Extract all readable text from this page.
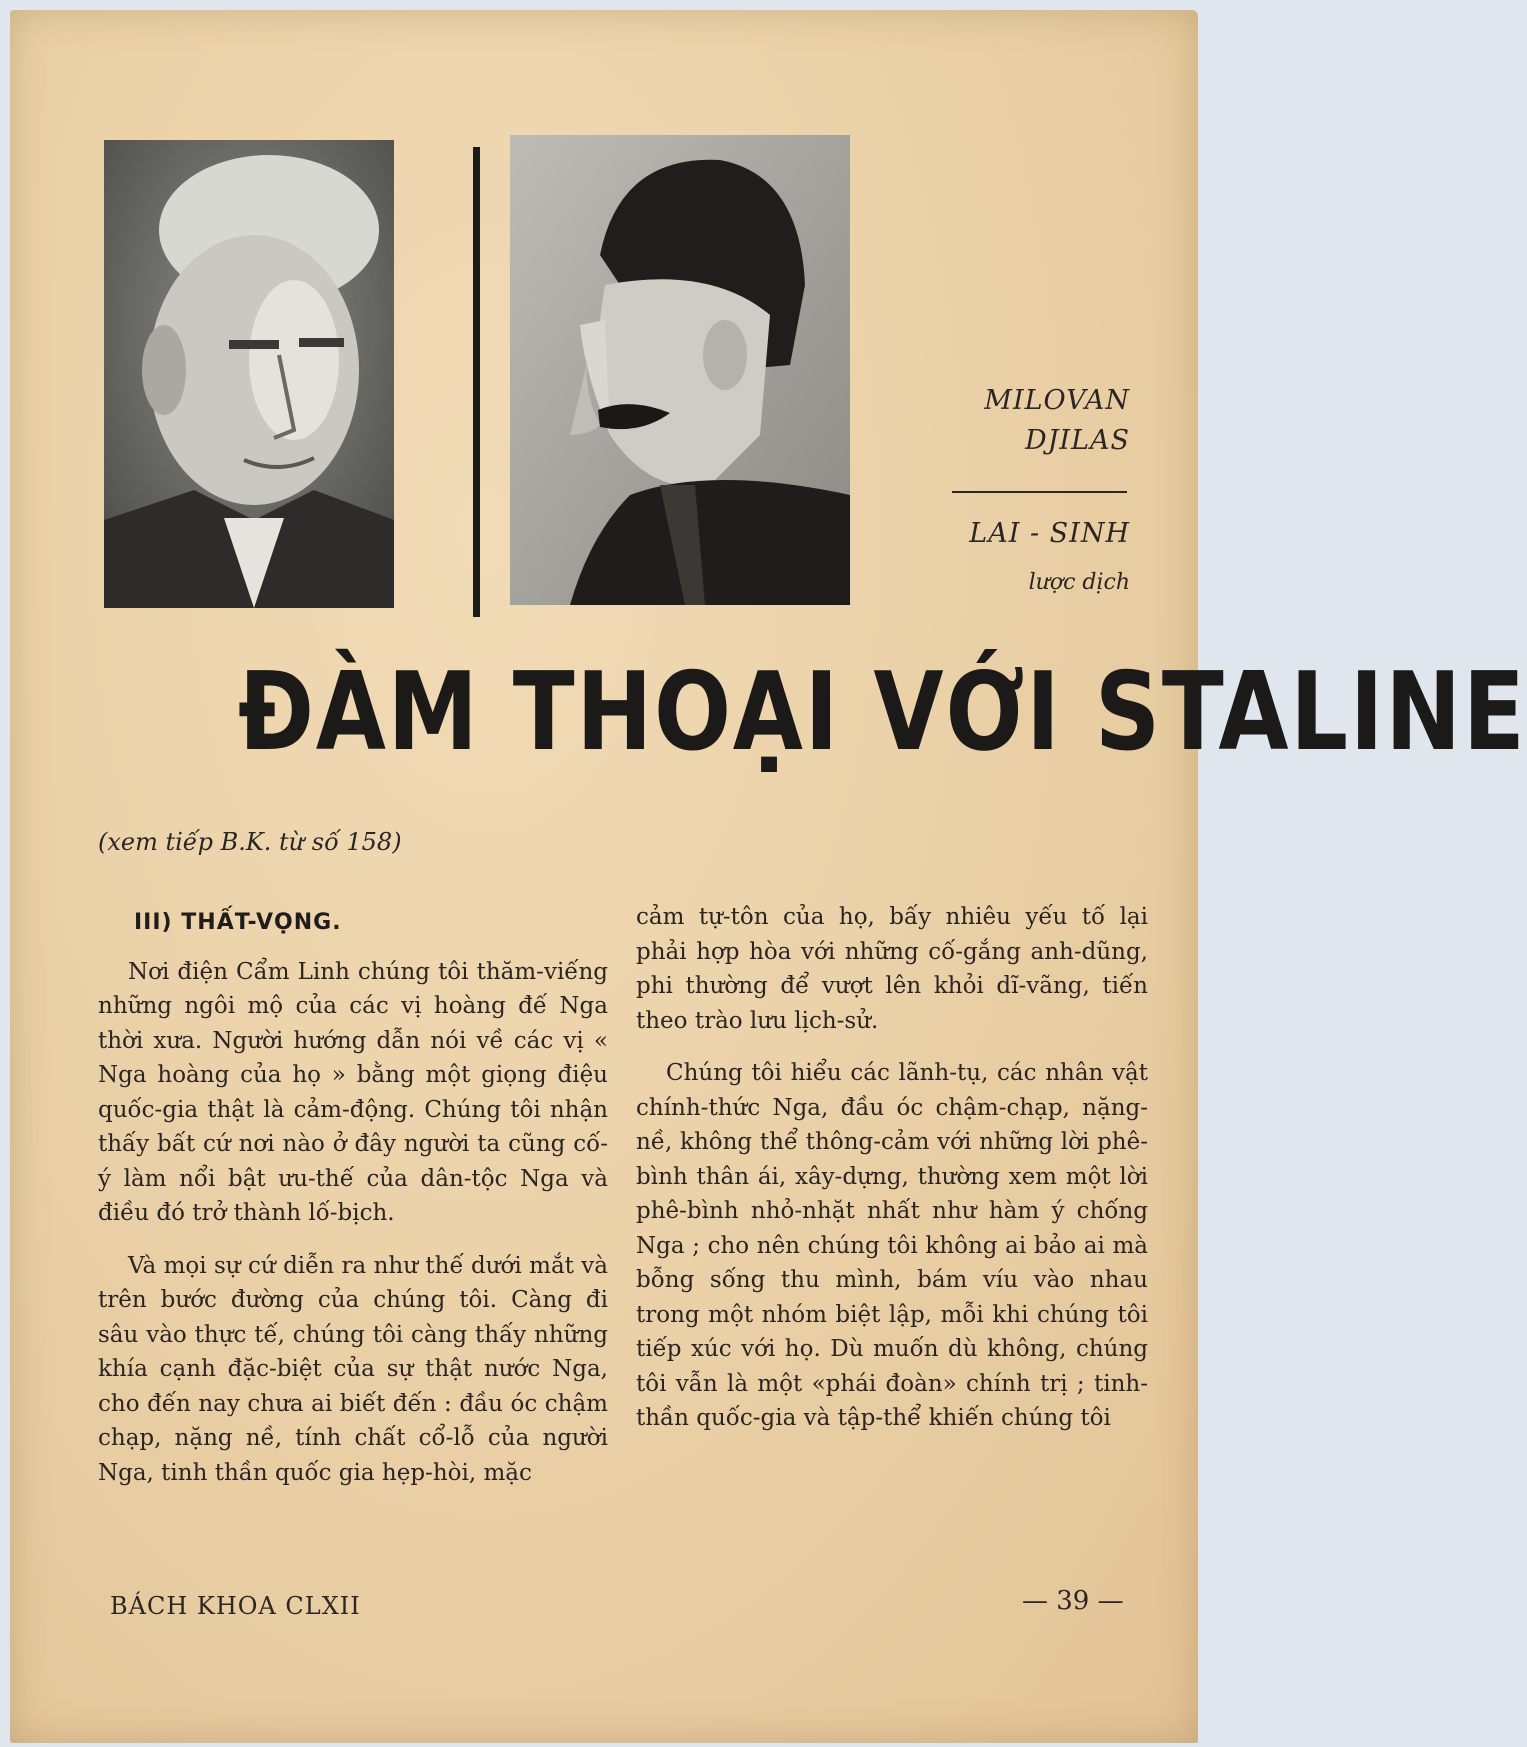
MILOVAN
DJILAS
LAI - SINH
lược dịch
ĐÀM THOẠI VỚI STALINE
(xem tiếp B.K. từ số 158)
III) THẤT-VỌNG.

Nơi điện Cẩm Linh chúng tôi thăm-viếng những ngôi mộ của các vị hoàng đế Nga thời xưa. Người hướng dẫn nói về các vị « Nga hoàng của họ » bằng một giọng điệu quốc-gia thật là cảm-động. Chúng tôi nhận thấy bất cứ nơi nào ở đây người ta cũng cố-ý làm nổi bật ưu-thế của dân-tộc Nga và điều đó trở thành lố-bịch.

Và mọi sự cứ diễn ra như thế dưới mắt và trên bước đường của chúng tôi. Càng đi sâu vào thực tế, chúng tôi càng thấy những khía cạnh đặc-biệt của sự thật nước Nga, cho đến nay chưa ai biết đến : đầu óc chậm chạp, nặng nề, tính chất cổ-lỗ của người Nga, tinh thần quốc gia hẹp-hòi, mặc

cảm tự-tôn của họ, bấy nhiêu yếu tố lại phải hợp hòa với những cố-gắng anh-dũng, phi thường để vượt lên khỏi dĩ-vãng, tiến theo trào lưu lịch-sử.

Chúng tôi hiểu các lãnh-tụ, các nhân vật chính-thức Nga, đầu óc chậm-chạp, nặng-nề, không thể thông-cảm với những lời phê-bình thân ái, xây-dựng, thường xem một lời phê-bình nhỏ-nhặt nhất như hàm ý chống Nga ; cho nên chúng tôi không ai bảo ai mà bỗng sống thu mình, bám víu vào nhau trong một nhóm biệt lập, mỗi khi chúng tôi tiếp xúc với họ. Dù muốn dù không, chúng tôi vẫn là một «phái đoàn» chính trị ; tinh-thần quốc-gia và tập-thể khiến chúng tôi

BÁCH KHOA CLXII	— 39 —
